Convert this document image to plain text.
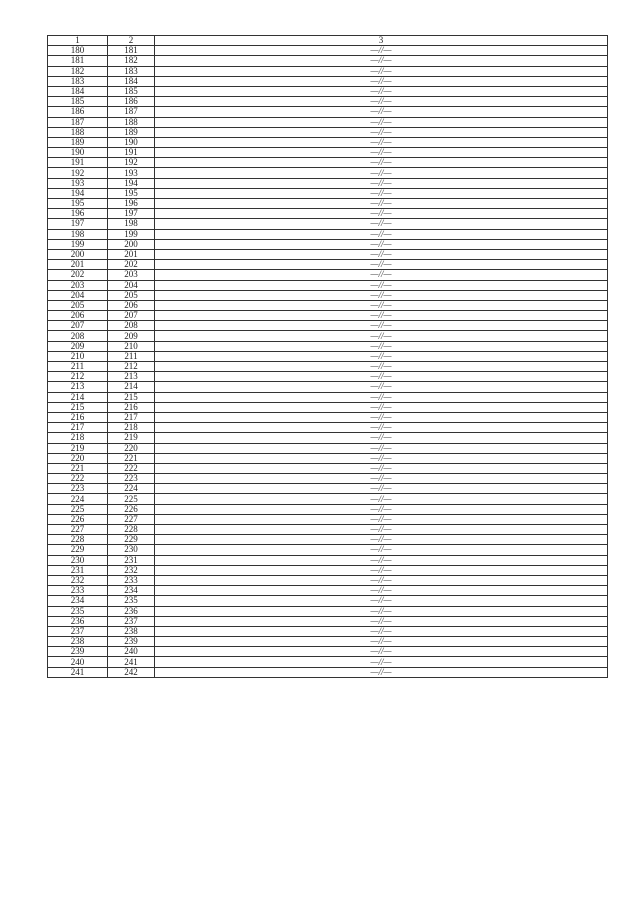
1	2	3
180	181	—//—
181	182	—//—
182	183	—//—
183	184	—//—
184	185	—//—
185	186	—//—
186	187	—//—
187	188	—//—
188	189	—//—
189	190	—//—
190	191	—//—
191	192	—//—
192	193	—//—
193	194	—//—
194	195	—//—
195	196	—//—
196	197	—//—
197	198	—//—
198	199	—//—
199	200	—//—
200	201	—//—
201	202	—//—
202	203	—//—
203	204	—//—
204	205	—//—
205	206	—//—
206	207	—//—
207	208	—//—
208	209	—//—
209	210	—//—
210	211	—//—
211	212	—//—
212	213	—//—
213	214	—//—
214	215	—//—
215	216	—//—
216	217	—//—
217	218	—//—
218	219	—//—
219	220	—//—
220	221	—//—
221	222	—//—
222	223	—//—
223	224	—//—
224	225	—//—
225	226	—//—
226	227	—//—
227	228	—//—
228	229	—//—
229	230	—//—
230	231	—//—
231	232	—//—
232	233	—//—
233	234	—//—
234	235	—//—
235	236	—//—
236	237	—//—
237	238	—//—
238	239	—//—
239	240	—//—
240	241	—//—
241	242	—//—
